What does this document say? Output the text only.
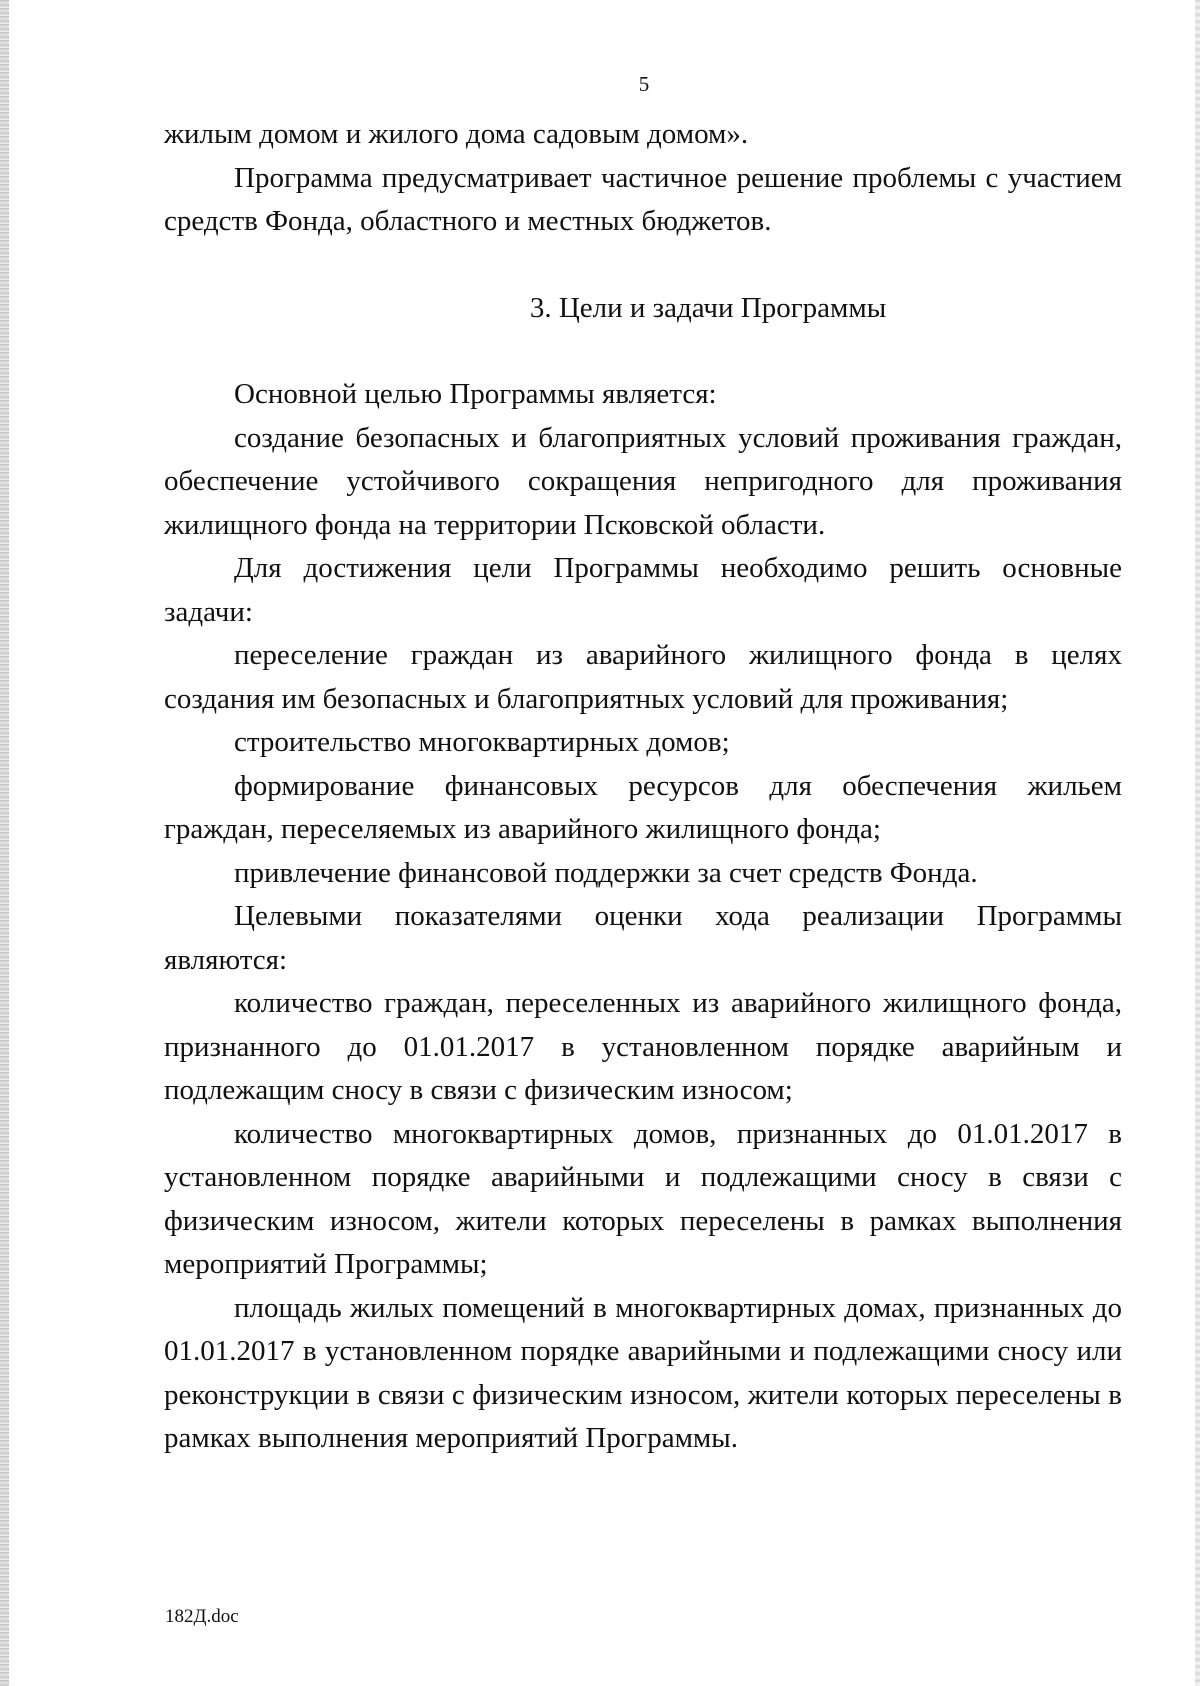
5

жилым домом и жилого дома садовым домом».

Программа предусматривает частичное решение проблемы с участием средств Фонда, областного и местных бюджетов.

3. Цели и задачи Программы

Основной целью Программы является:

создание безопасных и благоприятных условий проживания граждан, обеспечение устойчивого сокращения непригодного для проживания жилищного фонда на территории Псковской области.

Для достижения цели Программы необходимо решить основные задачи:

переселение граждан из аварийного жилищного фонда в целях создания им безопасных и благоприятных условий для проживания;

строительство многоквартирных домов;

формирование финансовых ресурсов для обеспечения жильем граждан, переселяемых из аварийного жилищного фонда;

привлечение финансовой поддержки за счет средств Фонда.

Целевыми показателями оценки хода реализации Программы являются:

количество граждан, переселенных из аварийного жилищного фонда, признанного до 01.01.2017 в установленном порядке аварийным и подлежащим сносу в связи с физическим износом;

количество многоквартирных домов, признанных до 01.01.2017 в установленном порядке аварийными и подлежащими сносу в связи с физическим износом, жители которых переселены в рамках выполнения мероприятий Программы;

площадь жилых помещений в многоквартирных домах, признанных до 01.01.2017 в установленном порядке аварийными и подлежащими сносу или реконструкции в связи с физическим износом, жители которых переселены в рамках выполнения мероприятий Программы.

182Д.doc
